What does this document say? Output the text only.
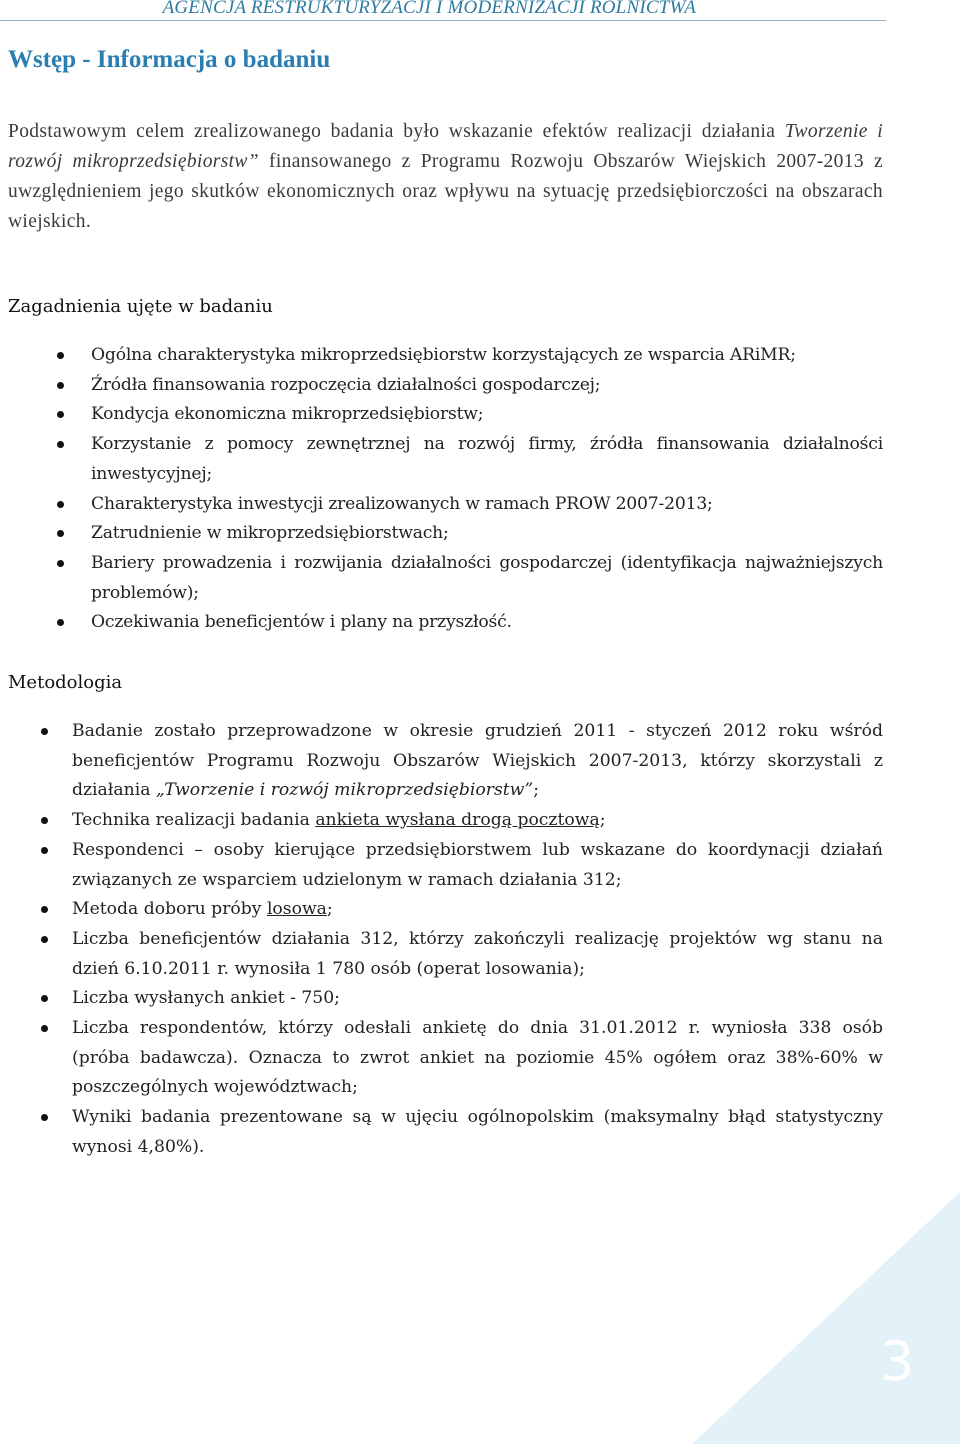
AGENCJA RESTRUKTURYZACJI I MODERNIZACJI ROLNICTWA
Wstęp - Informacja o badaniu

Podstawowym celem zrealizowanego badania było wskazanie efektów realizacji działania Tworzenie i rozwój mikroprzedsiębiorstw” finansowanego z Programu Rozwoju Obszarów Wiejskich 2007-2013 z uwzględnieniem jego skutków ekonomicznych oraz wpływu na sytuację przedsiębiorczości na obszarach wiejskich.

Zagadnienia ujęte w badaniu
Ogólna charakterystyka mikroprzedsiębiorstw korzystających ze wsparcia ARiMR;
Źródła finansowania rozpoczęcia działalności gospodarczej;
Kondycja ekonomiczna mikroprzedsiębiorstw;
Korzystanie z pomocy zewnętrznej na rozwój firmy, źródła finansowania działalności inwestycyjnej;
Charakterystyka inwestycji zrealizowanych w ramach PROW 2007-2013;
Zatrudnienie w mikroprzedsiębiorstwach;
Bariery prowadzenia i rozwijania działalności gospodarczej (identyfikacja najważniejszych problemów);
Oczekiwania beneficjentów i plany na przyszłość.
Metodologia
Badanie zostało przeprowadzone w okresie grudzień 2011 - styczeń 2012 roku wśród beneficjentów Programu Rozwoju Obszarów Wiejskich 2007-2013, którzy skorzystali z działania „Tworzenie i rozwój mikroprzedsiębiorstw”;
Technika realizacji badania ankieta wysłana drogą pocztową;
Respondenci – osoby kierujące przedsiębiorstwem lub wskazane do koordynacji działań związanych ze wsparciem udzielonym w ramach działania 312;
Metoda doboru próby losowa;
Liczba beneficjentów działania 312, którzy zakończyli realizację projektów wg stanu na dzień 6.10.2011 r. wynosiła 1 780 osób (operat losowania);
Liczba wysłanych ankiet - 750;
Liczba respondentów, którzy odesłali ankietę do dnia 31.01.2012 r. wyniosła 338 osób (próba badawcza). Oznacza to zwrot ankiet na poziomie 45% ogółem oraz 38%-60% w poszczególnych województwach;
Wyniki badania prezentowane są w ujęciu ogólnopolskim (maksymalny błąd statystyczny wynosi 4,80%).
3
